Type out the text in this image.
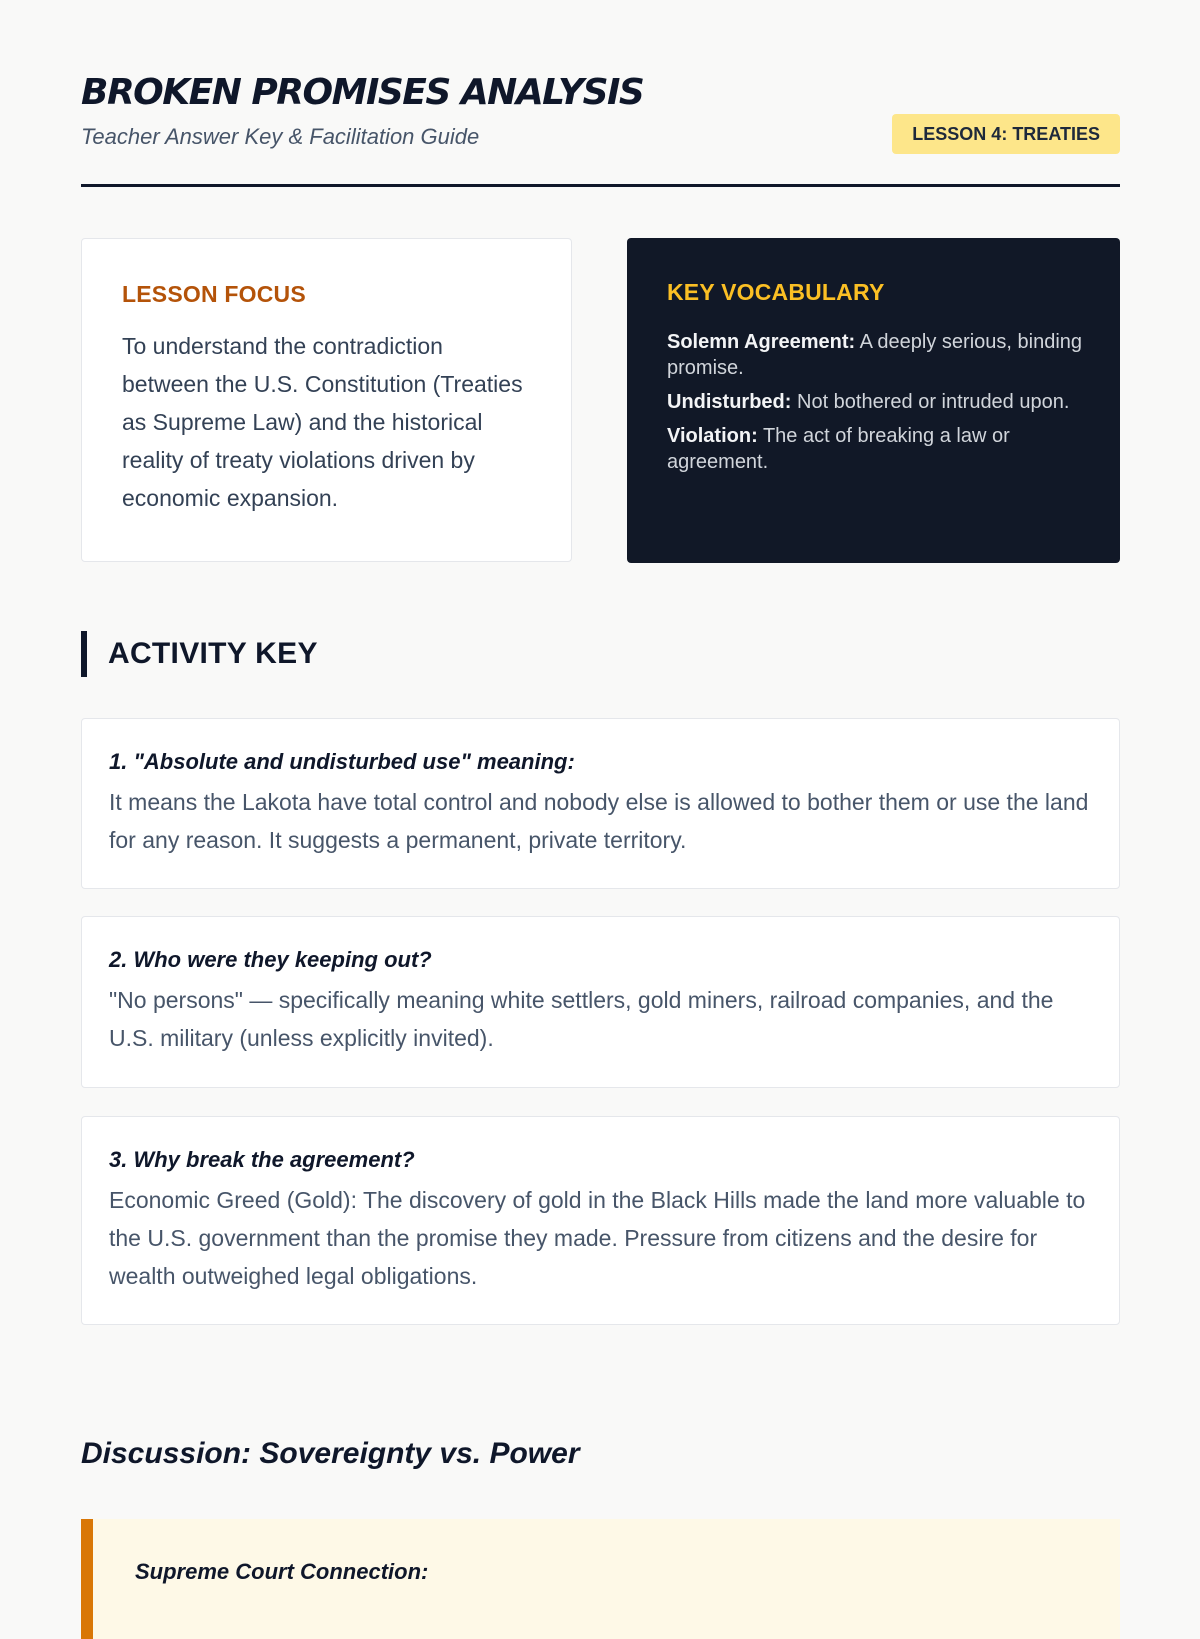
BROKEN PROMISES ANALYSIS

Teacher Answer Key & Facilitation Guide	LESSON 4: TREATIES
LESSON FOCUS

To understand the contradiction between the U.S. Constitution (Treaties as Supreme Law) and the historical reality of treaty violations driven by economic expansion.

KEY VOCABULARY
Solemn Agreement: A deeply serious, binding promise.
Undisturbed: Not bothered or intruded upon.
Violation: The act of breaking a law or agreement.
ACTIVITY KEY

1. "Absolute and undisturbed use" meaning:

It means the Lakota have total control and nobody else is allowed to bother them or use the land for any reason. It suggests a permanent, private territory.

2. Who were they keeping out?

"No persons" — specifically meaning white settlers, gold miners, railroad companies, and the U.S. military (unless explicitly invited).

3. Why break the agreement?

Economic Greed (Gold): The discovery of gold in the Black Hills made the land more valuable to the U.S. government than the promise they made. Pressure from citizens and the desire for wealth outweighed legal obligations.

Discussion: Sovereignty vs. Power

Supreme Court Connection:
